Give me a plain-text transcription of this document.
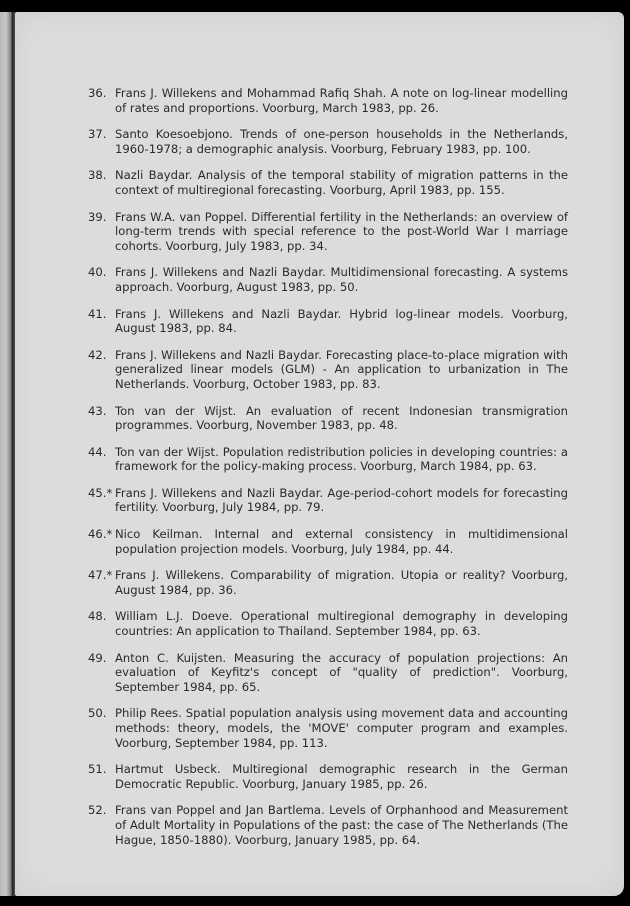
36. Frans J. Willekens and Mohammad Rafiq Shah. A note on log-linear modelling of rates and proportions. Voorburg, March 1983, pp. 26.
37. Santo Koesoebjono. Trends of one-person households in the Netherlands, 1960-1978; a demographic analysis. Voorburg, February 1983, pp. 100.
38. Nazli Baydar. Analysis of the temporal stability of migration patterns in the context of multiregional forecasting. Voorburg, April 1983, pp. 155.
39. Frans W.A. van Poppel. Differential fertility in the Netherlands: an overview of long-term trends with special reference to the post-World War I marriage cohorts. Voorburg, July 1983, pp. 34.
40. Frans J. Willekens and Nazli Baydar. Multidimensional forecasting. A systems approach. Voorburg, August 1983, pp. 50.
41. Frans J. Willekens and Nazli Baydar. Hybrid log-linear models. Voorburg, August 1983, pp. 84.
42. Frans J. Willekens and Nazli Baydar. Forecasting place-to-place migration with generalized linear models (GLM) - An application to urbanization in The Netherlands. Voorburg, October 1983, pp. 83.
43. Ton van der Wijst. An evaluation of recent Indonesian transmigration programmes. Voorburg, November 1983, pp. 48.
44. Ton van der Wijst. Population redistribution policies in developing countries: a framework for the policy-making process. Voorburg, March 1984, pp. 63.
45.* Frans J. Willekens and Nazli Baydar. Age-period-cohort models for forecasting fertility. Voorburg, July 1984, pp. 79.
46.* Nico Keilman. Internal and external consistency in multidimensional population projection models. Voorburg, July 1984, pp. 44.
47.* Frans J. Willekens. Comparability of migration. Utopia or reality? Voorburg, August 1984, pp. 36.
48. William L.J. Doeve. Operational multiregional demography in developing countries: An application to Thailand. September 1984, pp. 63.
49. Anton C. Kuijsten. Measuring the accuracy of population projections: An evaluation of Keyfitz's concept of "quality of prediction". Voorburg, September 1984, pp. 65.
50. Philip Rees. Spatial population analysis using movement data and accounting methods: theory, models, the 'MOVE' computer program and examples. Voorburg, September 1984, pp. 113.
51. Hartmut Usbeck. Multiregional demographic research in the German Democratic Republic. Voorburg, January 1985, pp. 26.
52. Frans van Poppel and Jan Bartlema. Levels of Orphanhood and Measurement of Adult Mortality in Populations of the past: the case of The Netherlands (The Hague, 1850-1880). Voorburg, January 1985, pp. 64.
